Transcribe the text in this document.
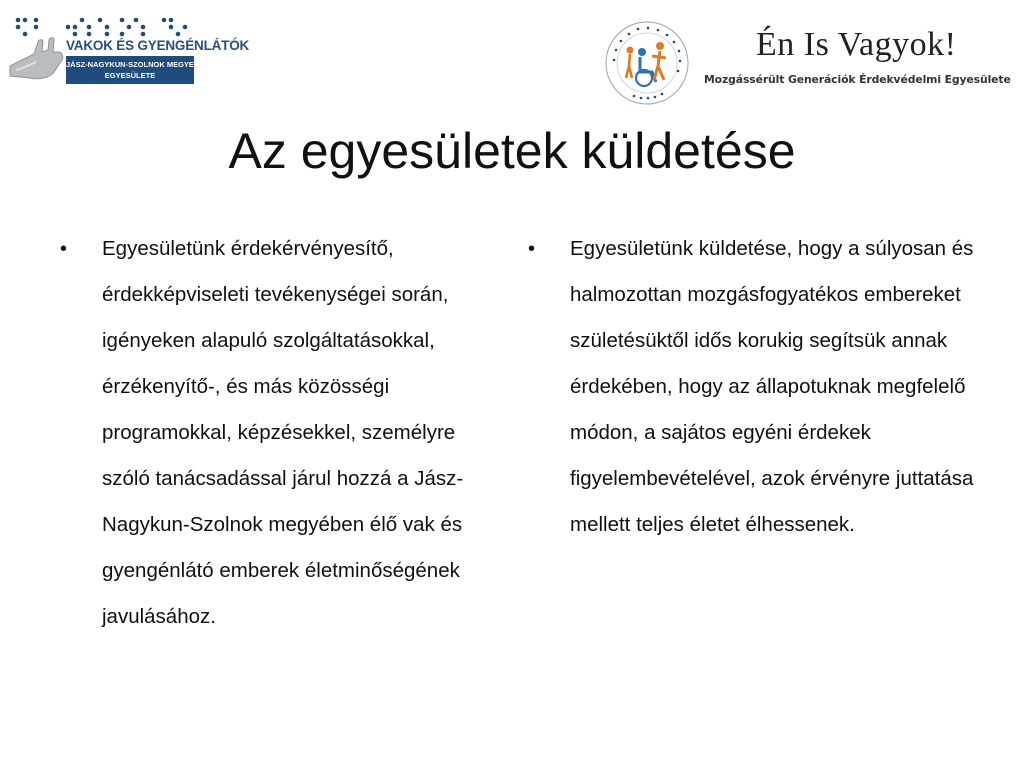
VAKOK ÉS GYENGÉNLÁTÓK
JÁSZ-NAGYKUN-SZOLNOK MEGYEI
EGYESÜLETE
Én Is Vagyok!
Mozgássérült Generációk Érdekvédelmi Egyesülete
Az egyesületek küldetése
•	Egyesületünk érdekérvényesítő, érdekképviseleti tevékenységei során, igényeken alapuló szolgáltatásokkal, érzékenyítő-, és más közösségi programokkal, képzésekkel, személyre szóló tanácsadással járul hozzá a Jász-Nagykun-Szolnok megyében élő vak és gyengénlátó emberek életminőségének javulásához.

•	Egyesületünk küldetése, hogy a súlyosan és halmozottan mozgásfogyatékos embereket születésüktől idős korukig segítsük annak érdekében, hogy az állapotuknak megfelelő módon, a sajátos egyéni érdekek figyelembevételével, azok érvényre juttatása mellett teljes életet élhessenek.
